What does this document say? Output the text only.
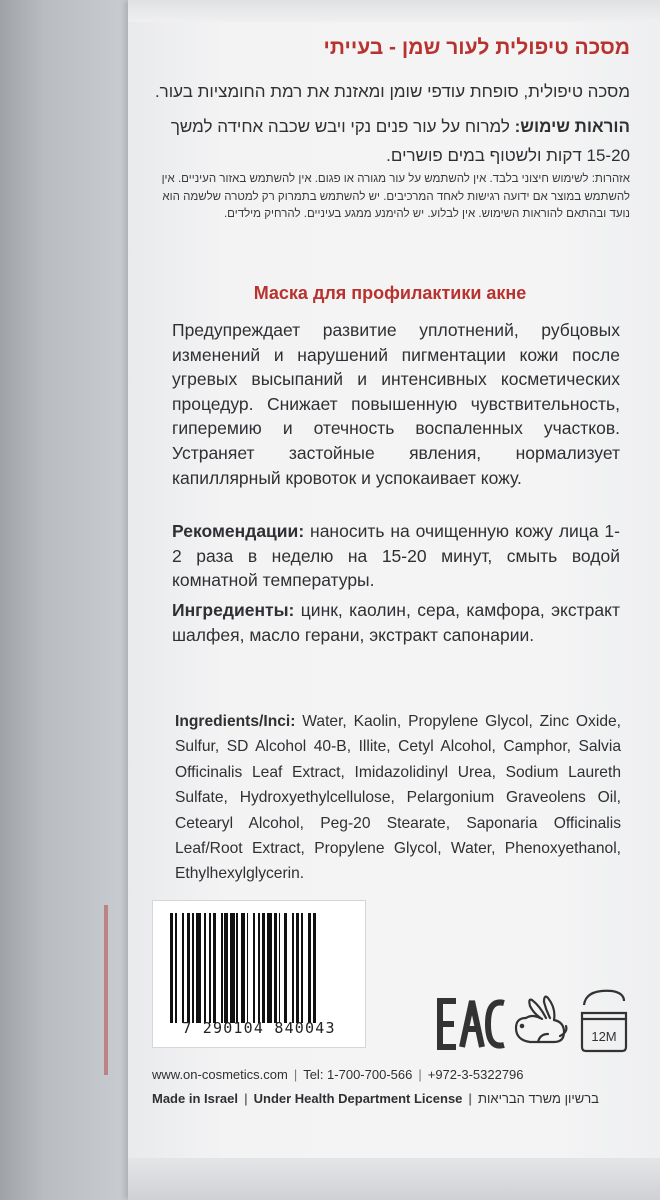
מסכה טיפולית לעור שמן - בעייתי
מסכה טיפולית, סופחת עודפי שומן ומאזנת את רמת החומציות בעור.
הוראות שימוש: למרוח על עור פנים נקי ויבש שכבה אחידה למשך 15-20 דקות ולשטוף במים פושרים.
אזהרות: לשימוש חיצוני בלבד. אין להשתמש על עור מגורה או פגום. אין להשתמש באזור העיניים. אין להשתמש במוצר אם ידועה רגישות לאחד המרכיבים. יש להשתמש בתמרוק רק למטרה שלשמה הוא נועד ובהתאם להוראות השימוש. אין לבלוע. יש להימנע ממגע בעיניים. להרחיק מילדים.
Маска для профилактики акне
Предупреждает развитие уплотнений, рубцовых изменений и нарушений пигментации кожи после угревых высыпаний и интенсивных косметических процедур. Снижает повышенную чувствительность, гиперемию и отечность воспаленных участков. Устраняет застойные явления, нормализует капиллярный кровоток и успокаивает кожу.
Рекомендации: наносить на очищенную кожу лица 1-2 раза в неделю на 15-20 минут, смыть водой комнатной температуры.
Ингредиенты: цинк, каолин, сера, камфора, экстракт шалфея, масло герани, экстракт сапонарии.
Ingredients/Inci: Water, Kaolin, Propylene Glycol, Zinc Oxide, Sulfur, SD Alcohol 40-B, Illite, Cetyl Alcohol, Camphor, Salvia Officinalis Leaf Extract, Imidazolidinyl Urea, Sodium Laureth Sulfate, Hydroxyethylcellulose, Pelargonium Graveolens Oil, Cetearyl Alcohol, Peg-20 Stearate, Saponaria Officinalis Leaf/Root Extract, Propylene Glycol, Water, Phenoxyethanol, Ethylhexylglycerin.
7 290104 840043	12M
www.on-cosmetics.com | Tel: 1-700-700-566 | +972-3-5322796
Made in Israel | Under Health Department License | ברשיון משרד הבריאות
